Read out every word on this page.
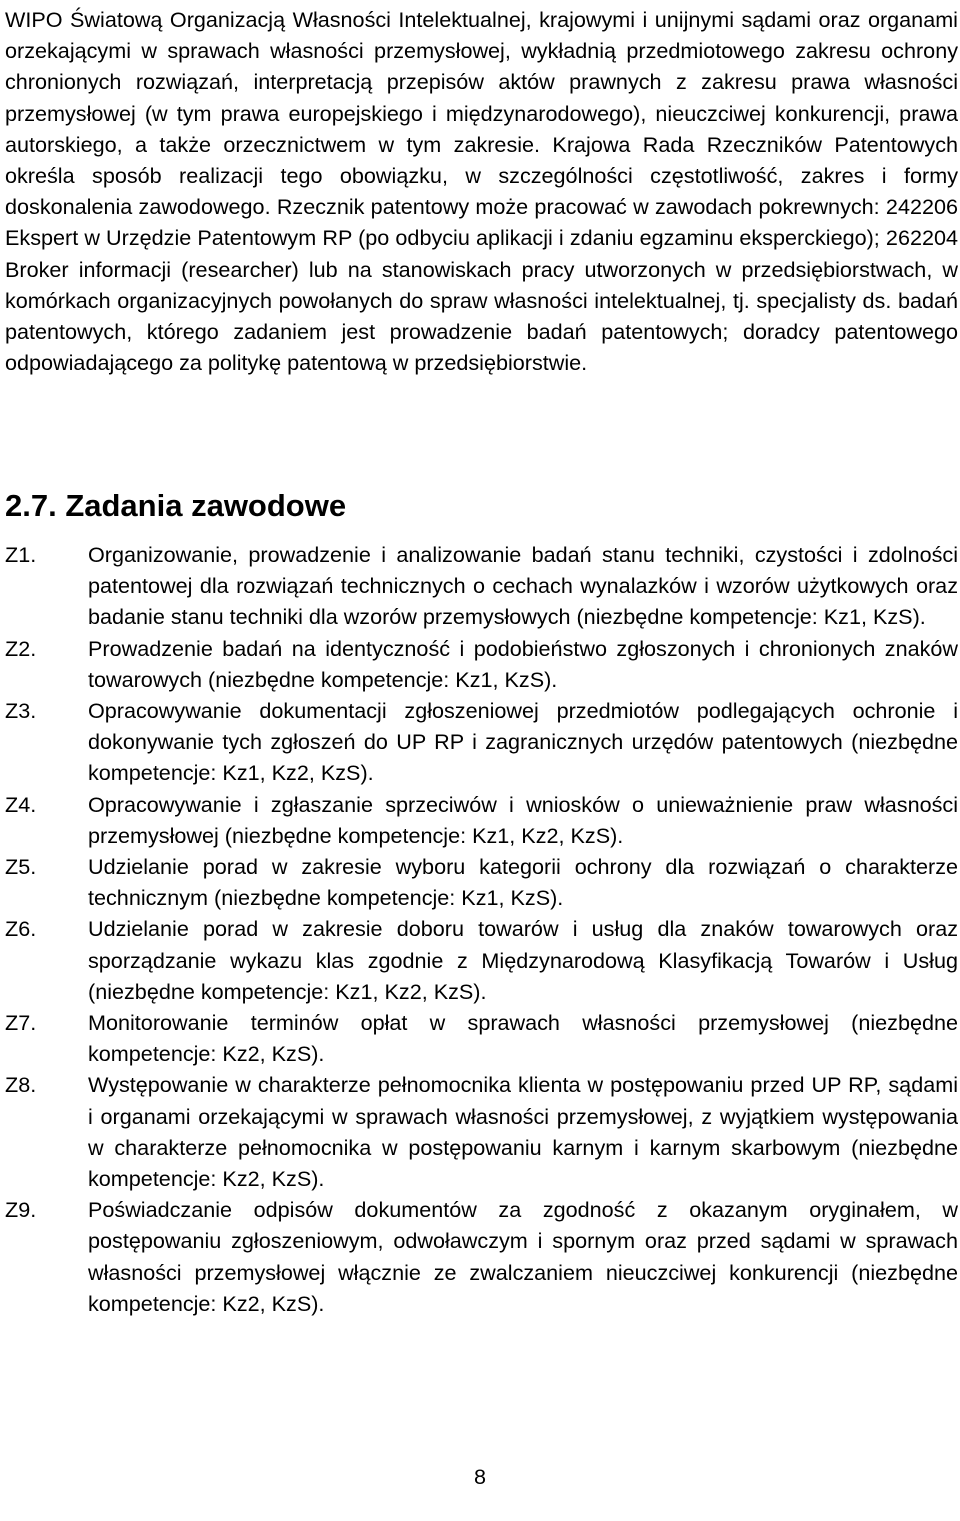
WIPO Światową Organizacją Własności Intelektualnej, krajowymi i unijnymi sądami oraz organami orzekającymi w sprawach własności przemysłowej, wykładnią przedmiotowego zakresu ochrony chronionych rozwiązań, interpretacją przepisów aktów prawnych z zakresu prawa własności przemysłowej (w tym prawa europejskiego i międzynarodowego), nieuczciwej konkurencji, prawa autorskiego, a także orzecznictwem w tym zakresie. Krajowa Rada Rzeczników Patentowych określa sposób realizacji tego obowiązku, w szczególności częstotliwość, zakres i formy doskonalenia zawodowego. Rzecznik patentowy może pracować w zawodach pokrewnych: 242206 Ekspert w Urzędzie Patentowym RP (po odbyciu aplikacji i zdaniu egzaminu eksperckiego); 262204 Broker informacji (researcher) lub na stanowiskach pracy utworzonych w przedsiębiorstwach, w komórkach organizacyjnych powołanych do spraw własności intelektualnej, tj. specjalisty ds. badań patentowych, którego zadaniem jest prowadzenie badań patentowych; doradcy patentowego odpowiadającego za politykę patentową w przedsiębiorstwie.

2.7. Zadania zawodowe
Z1.	Organizowanie, prowadzenie i analizowanie badań stanu techniki, czystości i zdolności patentowej dla rozwiązań technicznych o cechach wynalazków i wzorów użytkowych oraz badanie stanu techniki dla wzorów przemysłowych (niezbędne kompetencje: Kz1, KzS).
Z2.	Prowadzenie badań na identyczność i podobieństwo zgłoszonych i chronionych znaków towarowych (niezbędne kompetencje: Kz1, KzS).
Z3.	Opracowywanie dokumentacji zgłoszeniowej przedmiotów podlegających ochronie i dokonywanie tych zgłoszeń do UP RP i zagranicznych urzędów patentowych (niezbędne kompetencje: Kz1, Kz2, KzS).
Z4.	Opracowywanie i zgłaszanie sprzeciwów i wniosków o unieważnienie praw własności przemysłowej (niezbędne kompetencje: Kz1, Kz2, KzS).
Z5.	Udzielanie porad w zakresie wyboru kategorii ochrony dla rozwiązań o charakterze technicznym (niezbędne kompetencje: Kz1, KzS).
Z6.	Udzielanie porad w zakresie doboru towarów i usług dla znaków towarowych oraz sporządzanie wykazu klas zgodnie z Międzynarodową Klasyfikacją Towarów i Usług (niezbędne kompetencje: Kz1, Kz2, KzS).
Z7.	Monitorowanie terminów opłat w sprawach własności przemysłowej (niezbędne kompetencje: Kz2, KzS).
Z8.	Występowanie w charakterze pełnomocnika klienta w postępowaniu przed UP RP, sądami i organami orzekającymi w sprawach własności przemysłowej, z wyjątkiem występowania w charakterze pełnomocnika w postępowaniu karnym i karnym skarbowym (niezbędne kompetencje: Kz2, KzS).
Z9.	Poświadczanie odpisów dokumentów za zgodność z okazanym oryginałem, w postępowaniu zgłoszeniowym, odwoławczym i spornym oraz przed sądami w sprawach własności przemysłowej włącznie ze zwalczaniem nieuczciwej konkurencji (niezbędne kompetencje: Kz2, KzS).
8
